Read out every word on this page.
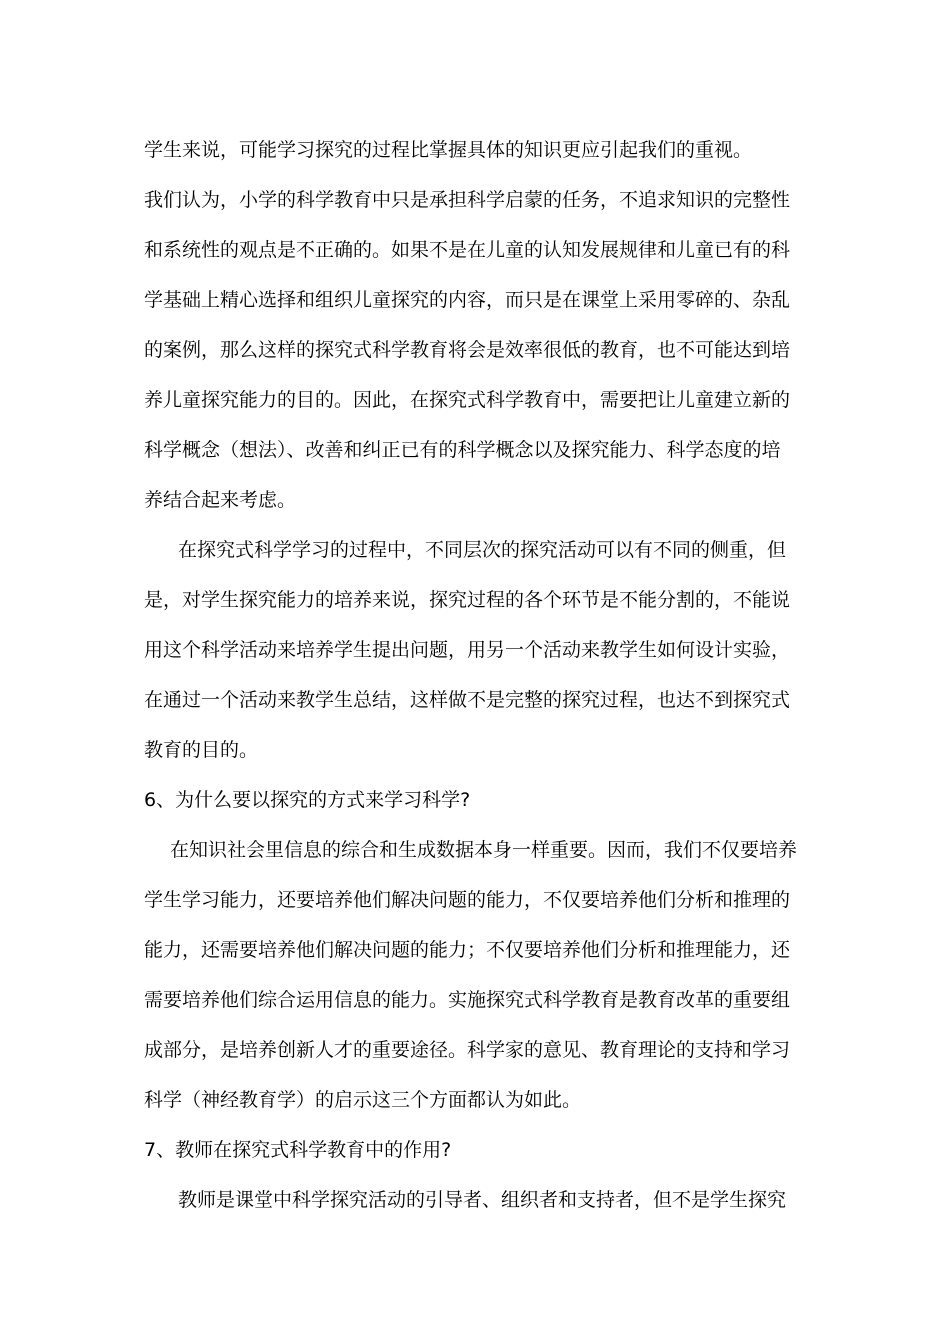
学生来说，可能学习探究的过程比掌握具体的知识更应引起我们的重视。
我们认为，小学的科学教育中只是承担科学启蒙的任务，不追求知识的完整性
和系统性的观点是不正确的。如果不是在儿童的认知发展规律和儿童已有的科
学基础上精心选择和组织儿童探究的内容，而只是在课堂上采用零碎的、杂乱
的案例，那么这样的探究式科学教育将会是效率很低的教育，也不可能达到培
养儿童探究能力的目的。因此，在探究式科学教育中，需要把让儿童建立新的
科学概念（想法）、改善和纠正已有的科学概念以及探究能力、科学态度的培
养结合起来考虑。
在探究式科学学习的过程中，不同层次的探究活动可以有不同的侧重，但
是，对学生探究能力的培养来说，探究过程的各个环节是不能分割的，不能说
用这个科学活动来培养学生提出问题，用另一个活动来教学生如何设计实验，
在通过一个活动来教学生总结，这样做不是完整的探究过程，也达不到探究式
教育的目的。
6、为什么要以探究的方式来学习科学?
在知识社会里信息的综合和生成数据本身一样重要。因而，我们不仅要培养
学生学习能力，还要培养他们解决问题的能力，不仅要培养他们分析和推理的
能力，还需要培养他们解决问题的能力；不仅要培养他们分析和推理能力，还
需要培养他们综合运用信息的能力。实施探究式科学教育是教育改革的重要组
成部分，是培养创新人才的重要途径。科学家的意见、教育理论的支持和学习
科学（神经教育学）的启示这三个方面都认为如此。
7、教师在探究式科学教育中的作用?
教师是课堂中科学探究活动的引导者、组织者和支持者，但不是学生探究
